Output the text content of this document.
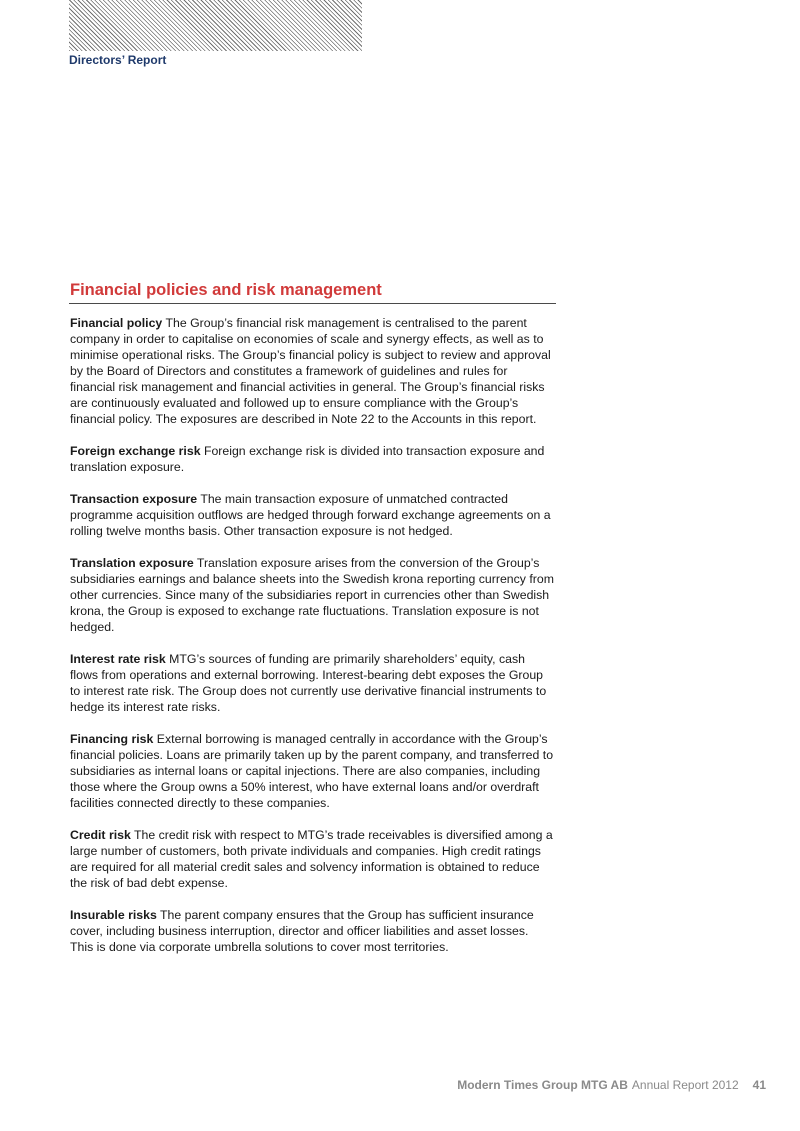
Directors’ Report
Financial policies and risk management

Financial policy The Group’s financial risk management is centralised to the parent company in order to capitalise on economies of scale and synergy effects, as well as to minimise operational risks. The Group’s financial policy is subject to review and approval by the Board of Directors and constitutes a framework of guidelines and rules for financial risk management and financial activities in general. The Group’s financial risks are continuously evaluated and followed up to ensure compliance with the Group’s financial policy. The exposures are described in Note 22 to the Accounts in this report.

Foreign exchange risk Foreign exchange risk is divided into transaction exposure and translation exposure.

Transaction exposure The main transaction exposure of unmatched contracted programme acquisition outflows are hedged through forward exchange agreements on a rolling twelve months basis. Other transaction exposure is not hedged.

Translation exposure Translation exposure arises from the conversion of the Group’s subsidiaries earnings and balance sheets into the Swedish krona reporting currency from other currencies. Since many of the subsidiaries report in currencies other than Swedish krona, the Group is exposed to exchange rate fluctuations. Translation exposure is not hedged.

Interest rate risk MTG’s sources of funding are primarily shareholders’ equity, cash flows from operations and external borrowing. Interest-bearing debt exposes the Group to interest rate risk. The Group does not currently use derivative financial instruments to hedge its interest rate risks.

Financing risk External borrowing is managed centrally in accordance with the Group’s financial policies. Loans are primarily taken up by the parent company, and transferred to subsidiaries as internal loans or capital injections. There are also companies, including those where the Group owns a 50% interest, who have external loans and/or overdraft facilities connected directly to these companies.

Credit risk The credit risk with respect to MTG’s trade receivables is diversified among a large number of customers, both private individuals and companies. High credit ratings are required for all material credit sales and solvency information is obtained to reduce the risk of bad debt expense.

Insurable risks The parent company ensures that the Group has sufficient insurance cover, including business interruption, director and officer liabilities and asset losses. This is done via corporate umbrella solutions to cover most territories.

Modern Times Group MTG AB Annual Report 2012 41
